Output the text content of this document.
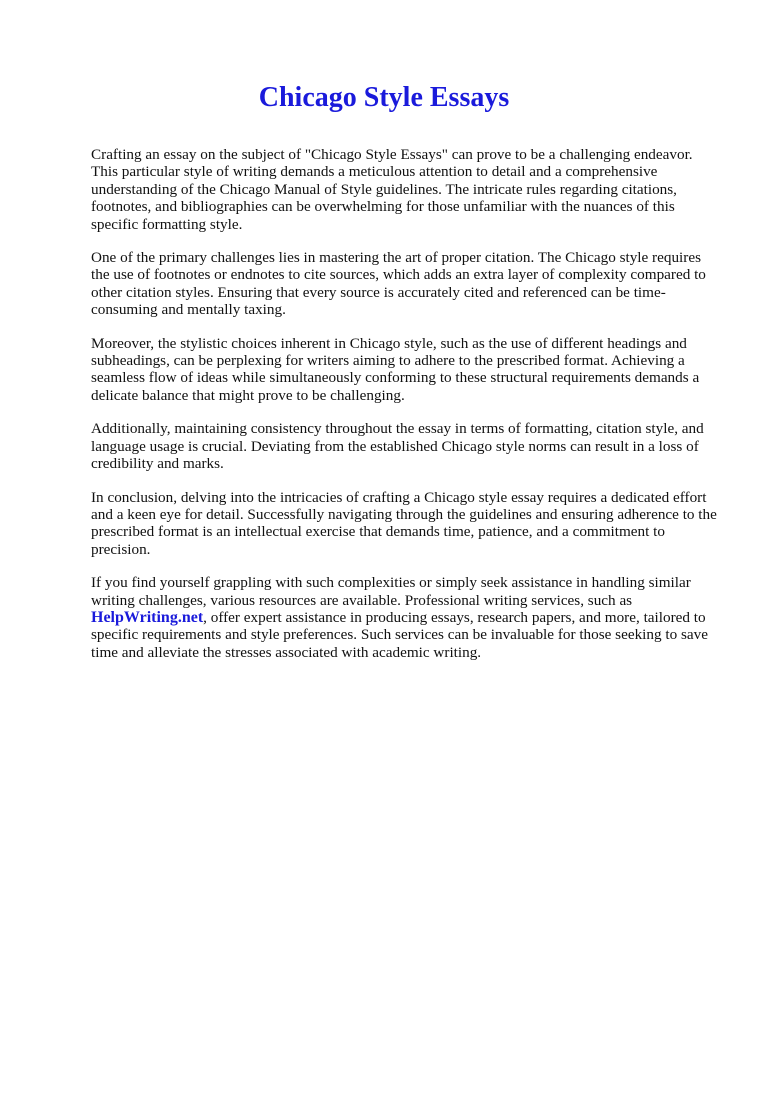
Chicago Style Essays

Crafting an essay on the subject of "Chicago Style Essays" can prove to be a challenging endeavor. This particular style of writing demands a meticulous attention to detail and a comprehensive understanding of the Chicago Manual of Style guidelines. The intricate rules regarding citations, footnotes, and bibliographies can be overwhelming for those unfamiliar with the nuances of this specific formatting style.

One of the primary challenges lies in mastering the art of proper citation. The Chicago style requires the use of footnotes or endnotes to cite sources, which adds an extra layer of complexity compared to other citation styles. Ensuring that every source is accurately cited and referenced can be time-consuming and mentally taxing.

Moreover, the stylistic choices inherent in Chicago style, such as the use of different headings and subheadings, can be perplexing for writers aiming to adhere to the prescribed format. Achieving a seamless flow of ideas while simultaneously conforming to these structural requirements demands a delicate balance that might prove to be challenging.

Additionally, maintaining consistency throughout the essay in terms of formatting, citation style, and language usage is crucial. Deviating from the established Chicago style norms can result in a loss of credibility and marks.

In conclusion, delving into the intricacies of crafting a Chicago style essay requires a dedicated effort and a keen eye for detail. Successfully navigating through the guidelines and ensuring adherence to the prescribed format is an intellectual exercise that demands time, patience, and a commitment to precision.

If you find yourself grappling with such complexities or simply seek assistance in handling similar writing challenges, various resources are available. Professional writing services, such as HelpWriting.net, offer expert assistance in producing essays, research papers, and more, tailored to specific requirements and style preferences. Such services can be invaluable for those seeking to save time and alleviate the stresses associated with academic writing.
